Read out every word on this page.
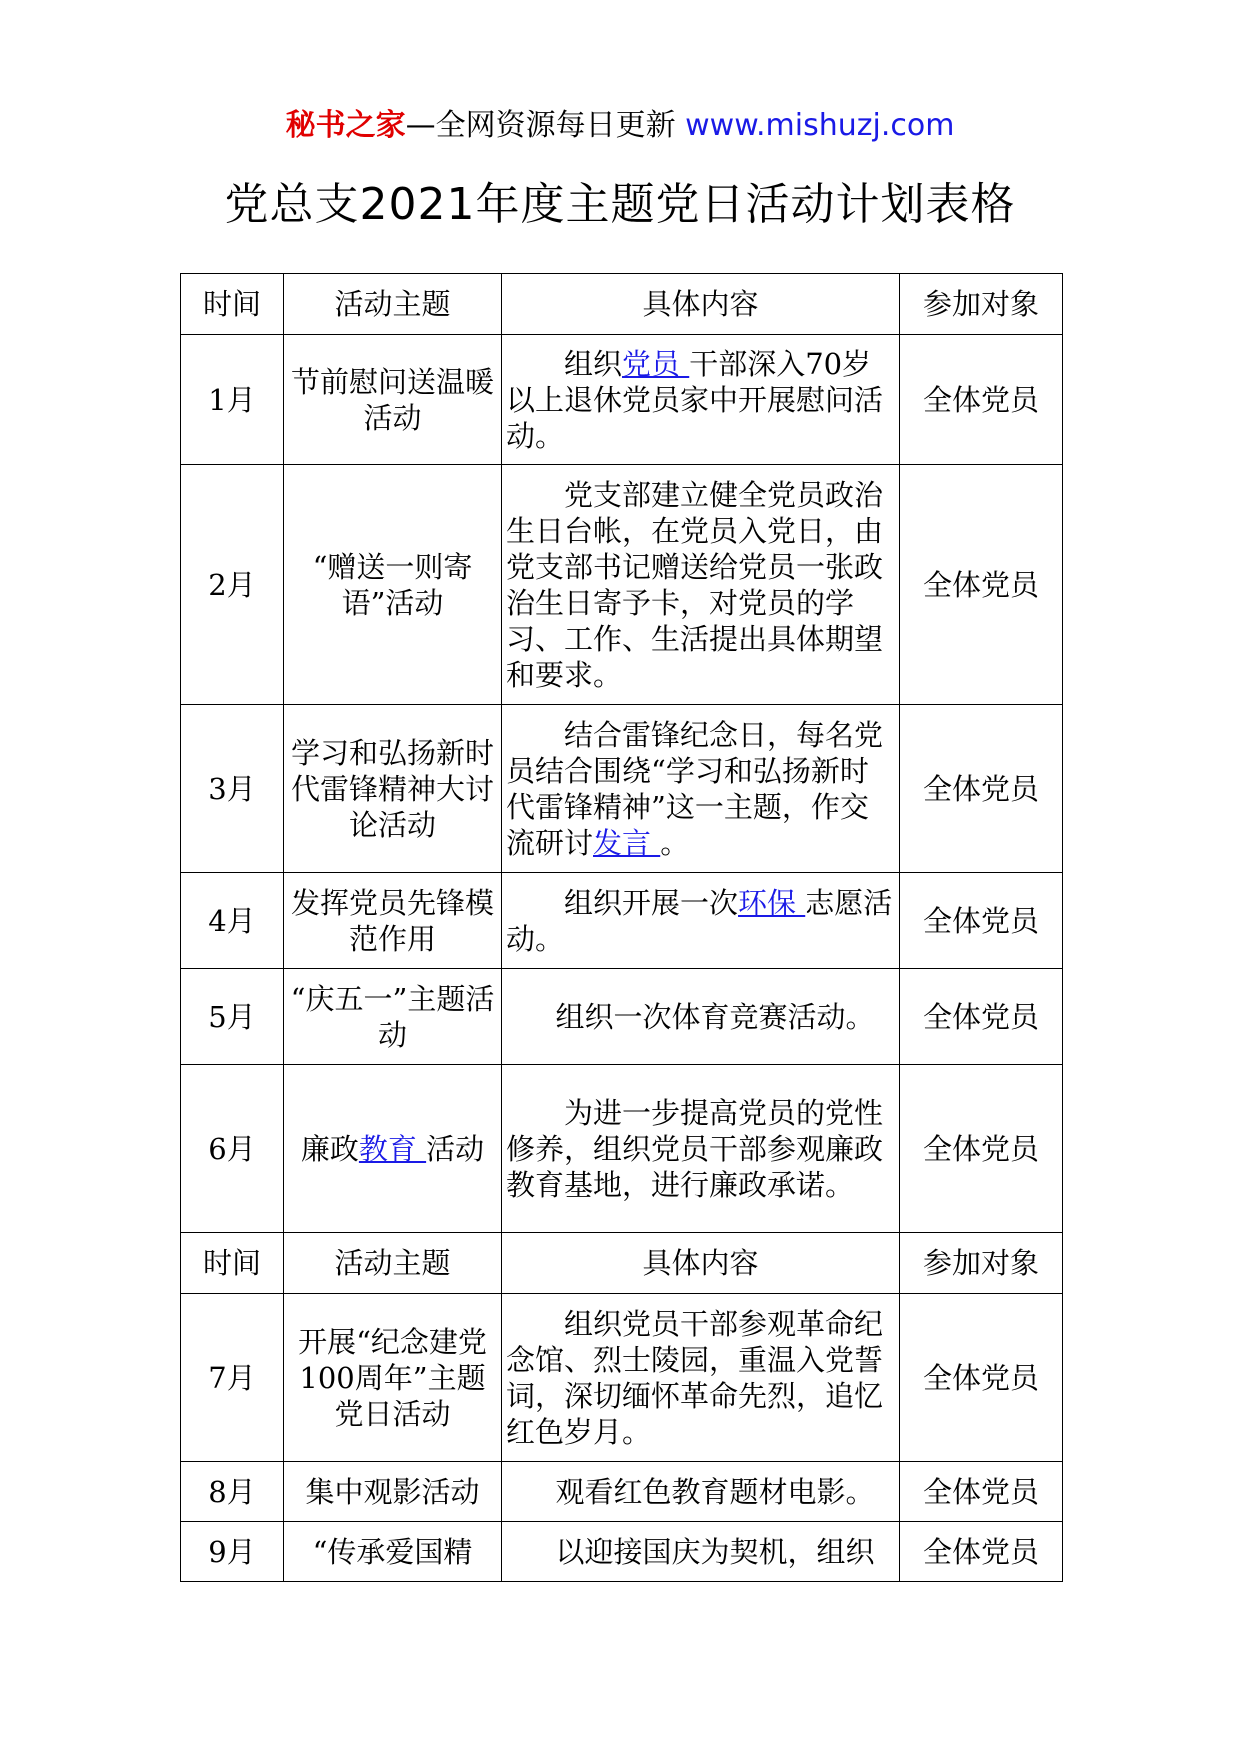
秘书之家—全网资源每日更新 www.mishuzj.com
党总支2021年度主题党日活动计划表格
时间	活动主题	具体内容	参加对象
1月	节前慰问送温暖活动	组织党员 干部深入70岁以上退休党员家中开展慰问活动。	全体党员
2月	“赠送一则寄语”活动	党支部建立健全党员政治生日台帐，在党员入党日，由党支部书记赠送给党员一张政治生日寄予卡，对党员的学习、工作、生活提出具体期望和要求。	全体党员
3月	学习和弘扬新时代雷锋精神大讨论活动	结合雷锋纪念日，每名党员结合围绕“学习和弘扬新时代雷锋精神”这一主题，作交流研讨发言 。	全体党员
4月	发挥党员先锋模范作用	组织开展一次环保 志愿活动。	全体党员
5月	“庆五一”主题活动	组织一次体育竞赛活动。	全体党员
6月	廉政教育 活动	为进一步提高党员的党性修养，组织党员干部参观廉政教育基地，进行廉政承诺。	全体党员
时间	活动主题	具体内容	参加对象
7月	开展“纪念建党100周年”主题党日活动	组织党员干部参观革命纪念馆、烈士陵园，重温入党誓词，深切缅怀革命先烈，追忆红色岁月。	全体党员
8月	集中观影活动	观看红色教育题材电影。	全体党员
9月	“传承爱国精	以迎接国庆为契机，组织	全体党员
